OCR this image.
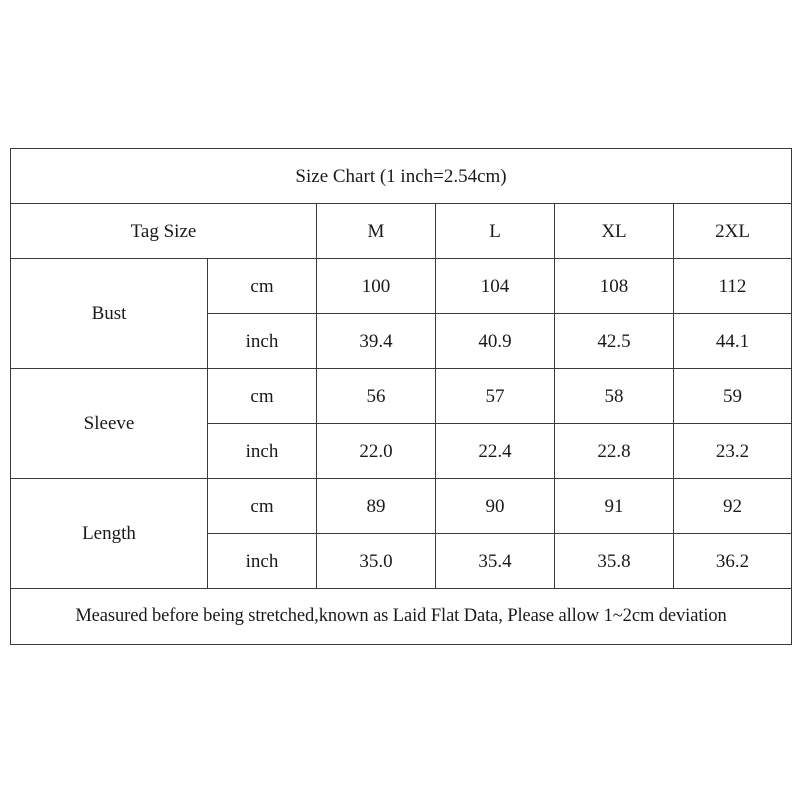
Size Chart (1 inch=2.54cm)					
Tag Size		M	L	XL	2XL
Bust	cm	100	104	108	112
	inch	39.4	40.9	42.5	44.1
Sleeve	cm	56	57	58	59
	inch	22.0	22.4	22.8	23.2
Length	cm	89	90	91	92
	inch	35.0	35.4	35.8	36.2
Measured before being stretched,known as Laid Flat Data, Please allow 1~2cm deviation					
